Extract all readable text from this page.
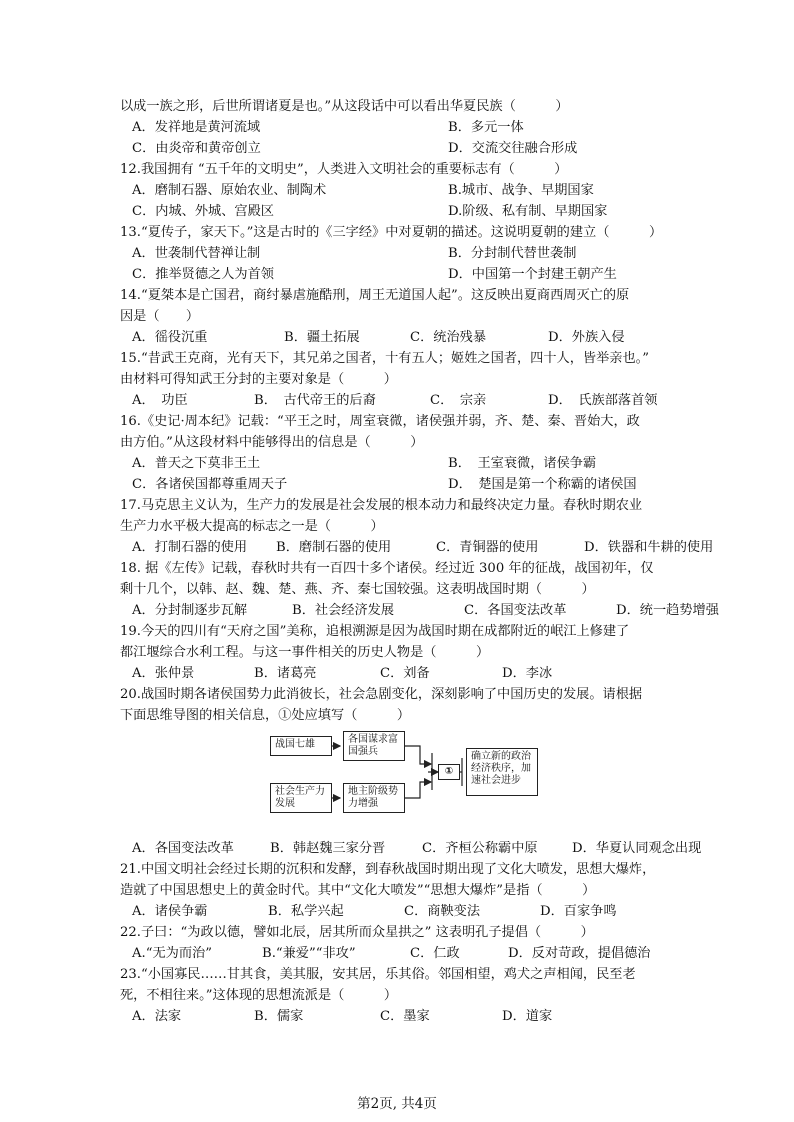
以成一族之形，后世所谓诸夏是也。”从这段话中可以看出华夏民族（　　　）
A．发祥地是黄河流域	B．多元一体
C．由炎帝和黄帝创立	D．交流交往融合形成
12.我国拥有 “五千年的文明史”，人类进入文明社会的重要标志有（　　　）
A．磨制石器、原始农业、制陶术	B.城市、战争、早期国家
C．内城、外城、宫殿区	D.阶级、私有制、早期国家
13.“夏传子，家天下。”这是古时的《三字经》中对夏朝的描述。这说明夏朝的建立（　　　）
A．世袭制代替禅让制	B．分封制代替世袭制
C．推举贤德之人为首领	D．中国第一个封建王朝产生
14.“夏桀本是亡国君，商纣暴虐施酷刑，周王无道国人起”。这反映出夏商西周灭亡的原
因是（　　）
A．徭役沉重	B．疆土拓展	C．统治残暴	D．外族入侵
15.“昔武王克商，光有天下，其兄弟之国者，十有五人；姬姓之国者，四十人，皆举亲也。”
由材料可得知武王分封的主要对象是（　　　）
A．　功臣	B．　古代帝王的后裔	C．　宗亲	D．　氏族部落首领
16.《史记·周本纪》记载：“平王之时，周室衰微，诸侯强并弱，齐、楚、秦、晋始大，政
由方伯。”从这段材料中能够得出的信息是（　　　）
A．普天之下莫非王土	B．　王室衰微，诸侯争霸
C．各诸侯国都尊重周天子	D．　楚国是第一个称霸的诸侯国
17.马克思主义认为，生产力的发展是社会发展的根本动力和最终决定力量。春秋时期农业
生产力水平极大提高的标志之一是（　　　）
A．打制石器的使用 B．磨制石器的使用	C．青铜器的使用	D．铁器和牛耕的使用
18. 据《左传》记载，春秋时共有一百四十多个诸侯。经过近 300 年的征战，战国初年，仅
剩十几个，以韩、赵、魏、楚、燕、齐、秦七国较强。这表明战国时期（　　　）
A．分封制逐步瓦解	B．社会经济发展	C．各国变法改革	D．统一趋势增强
19.今天的四川有“天府之国”美称，追根溯源是因为战国时期在成都附近的岷江上修建了
都江堰综合水利工程。与这一事件相关的历史人物是（　　　）
A．张仲景	B．诸葛亮	C．刘备	D．李冰
20.战国时期各诸侯国势力此消彼长，社会急剧变化，深刻影响了中国历史的发展。请根据
下面思维导图的相关信息，①处应填写（　　　）
战国七雄	各国谋求富国强兵
社会生产力发展
地主阶级势力增强
①
确立新的政治经济秩序，加速社会进步
A．各国变法改革	B．韩赵魏三家分晋	C．齐桓公称霸中原	D．华夏认同观念出现
21.中国文明社会经过长期的沉积和发酵，到春秋战国时期出现了文化大喷发，思想大爆炸，
造就了中国思想史上的黄金时代。其中“文化大喷发”“思想大爆炸”是指（　　　）
A．诸侯争霸	B．私学兴起	C．商鞅变法	D．百家争鸣
22.子曰：“为政以德，譬如北辰，居其所而众星拱之” 这表明孔子提倡（　　　）
A.“无为而治”	B.“兼爱”“非攻”	C．仁政	D．反对苛政，提倡德治
23.“小国寡民……甘其食，美其服，安其居，乐其俗。邻国相望，鸡犬之声相闻，民至老
死，不相往来。”这体现的思想流派是（　　　）
A．法家	B．儒家	C．墨家	D．道家
第2页, 共4页
